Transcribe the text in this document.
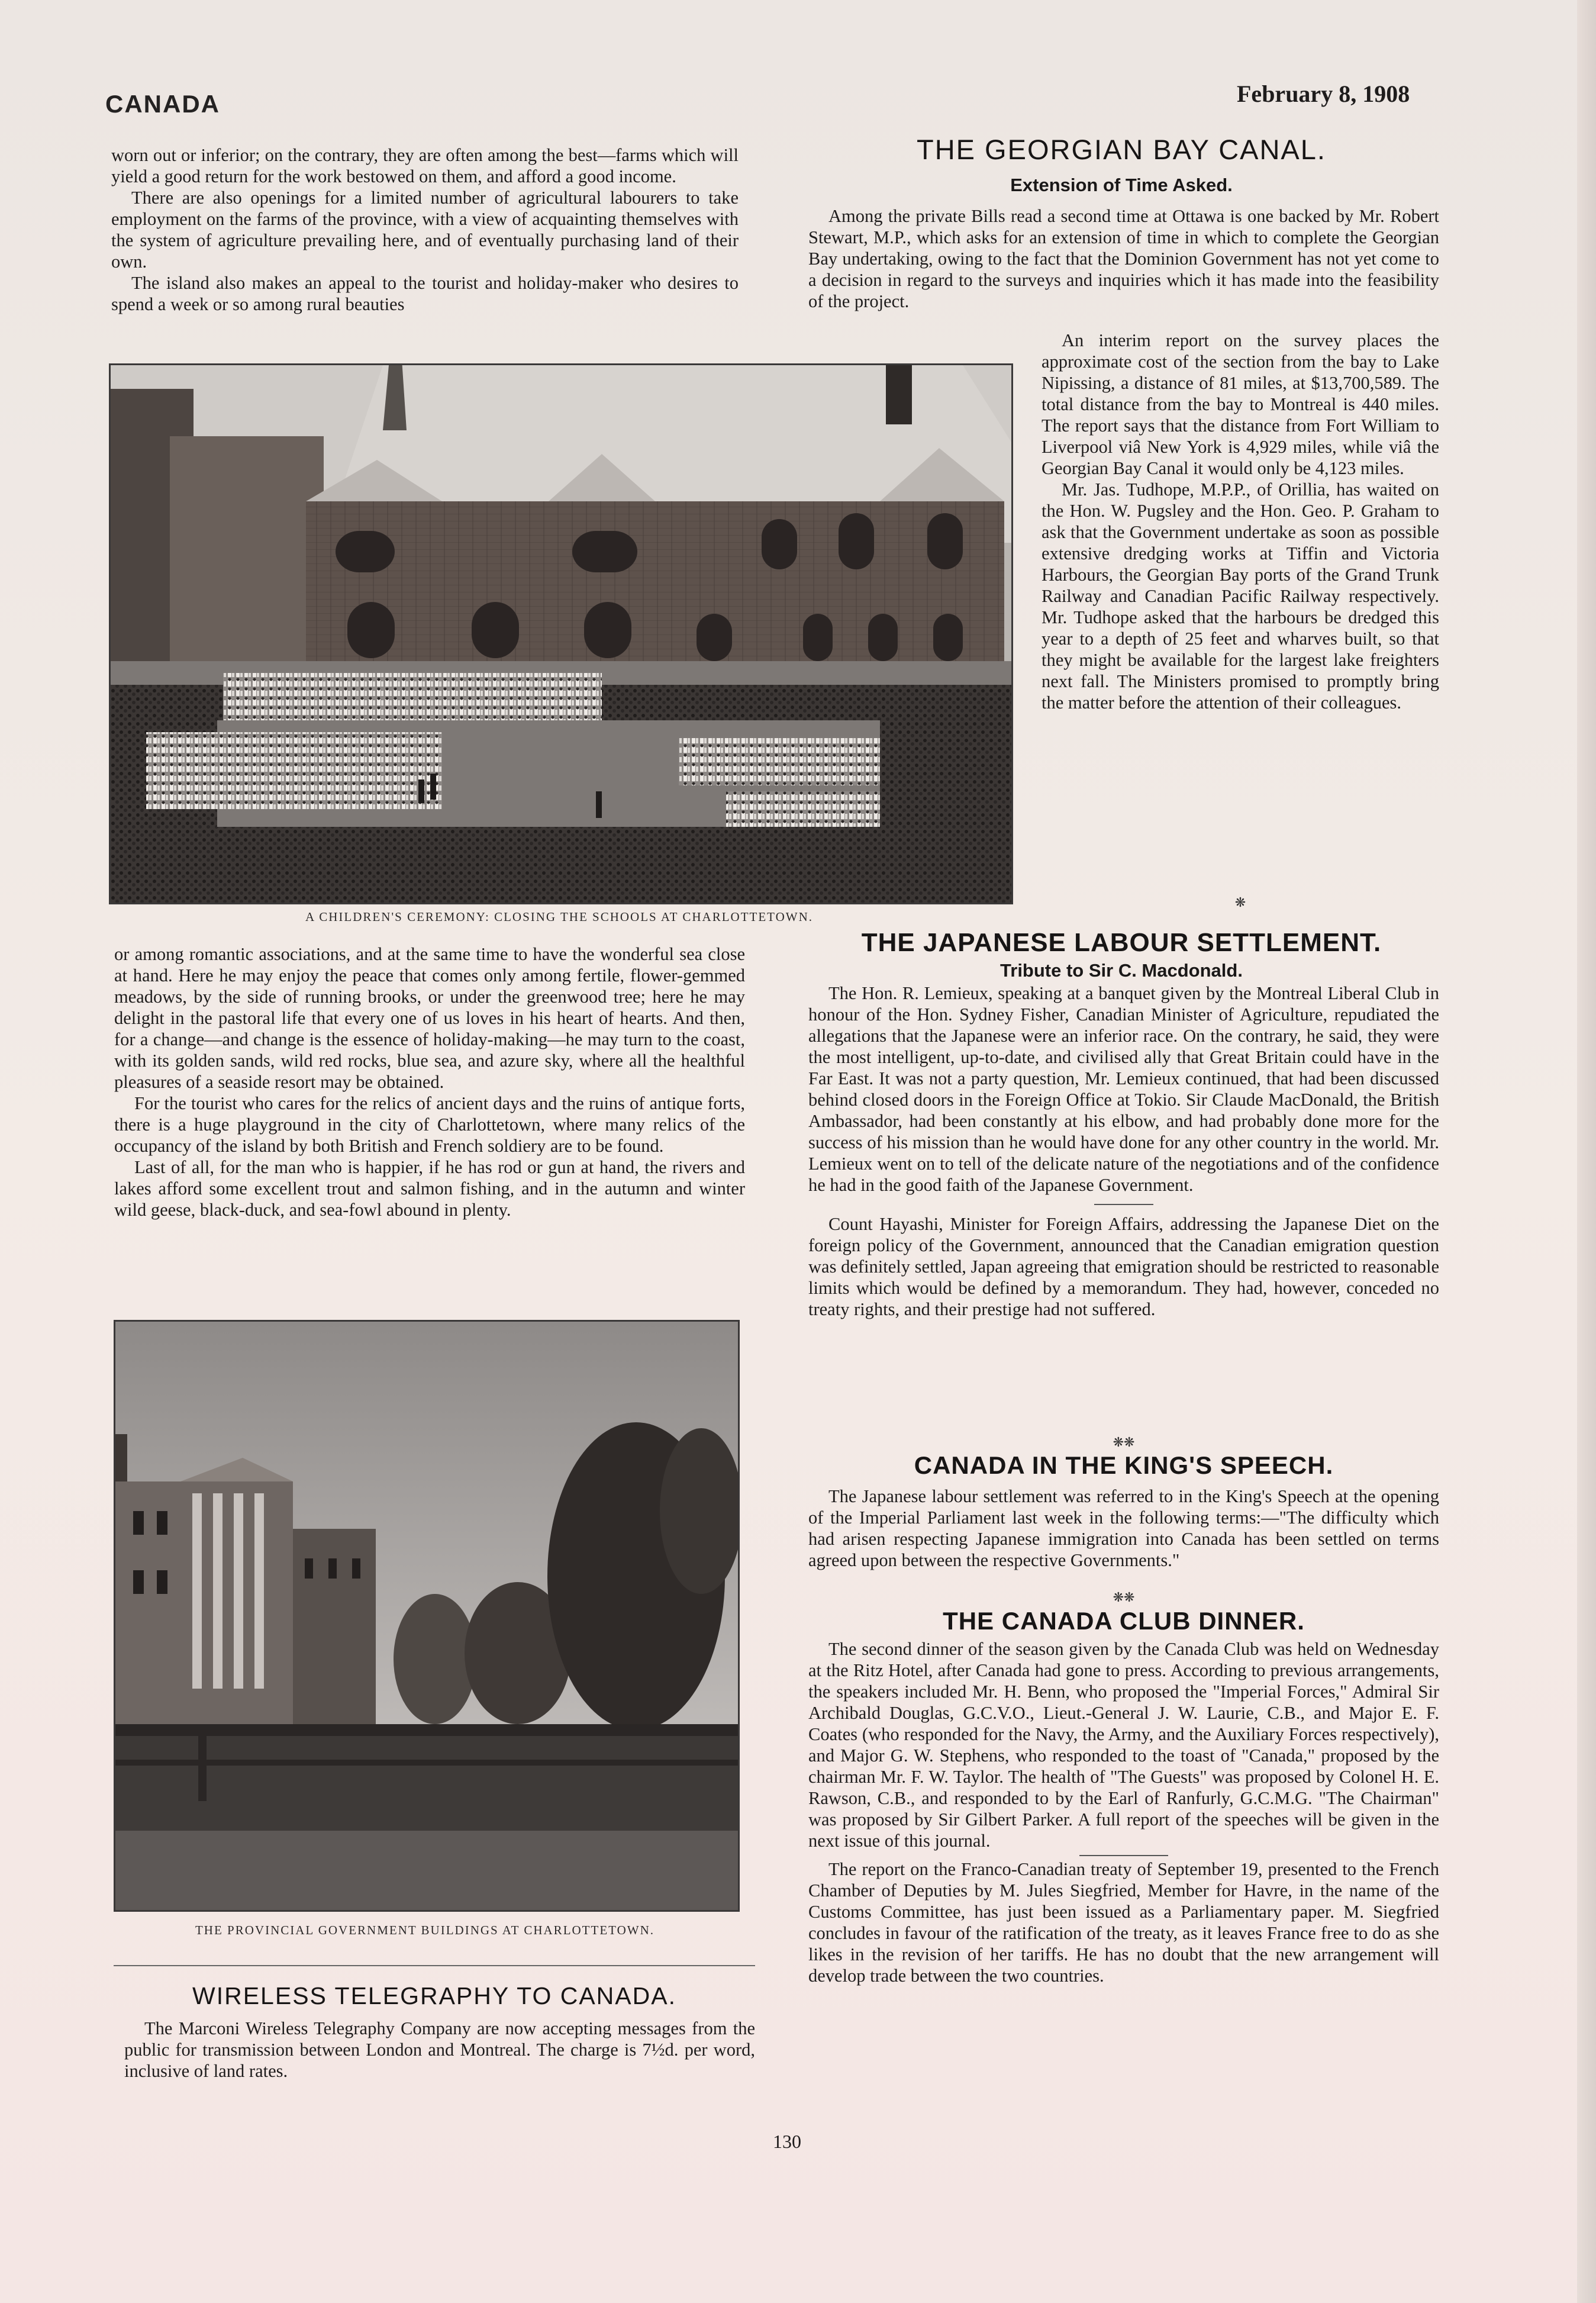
CANADA	February 8, 1908

worn out or inferior; on the contrary, they are often among the best—farms which will yield a good return for the work bestowed on them, and afford a good income.

There are also openings for a limited number of agricultural labourers to take employment on the farms of the province, with a view of acquainting themselves with the system of agriculture prevailing here, and of eventually purchasing land of their own.

The island also makes an appeal to the tourist and holiday-maker who desires to spend a week or so among rural beauties

A CHILDREN'S CEREMONY: CLOSING THE SCHOOLS AT CHARLOTTETOWN.

or among romantic associations, and at the same time to have the wonderful sea close at hand. Here he may enjoy the peace that comes only among fertile, flower-gemmed meadows, by the side of running brooks, or under the greenwood tree; here he may delight in the pastoral life that every one of us loves in his heart of hearts. And then, for a change—and change is the essence of holiday-making—he may turn to the coast, with its golden sands, wild red rocks, blue sea, and azure sky, where all the healthful pleasures of a seaside resort may be obtained.

For the tourist who cares for the relics of ancient days and the ruins of antique forts, there is a huge playground in the city of Charlottetown, where many relics of the occupancy of the island by both British and French soldiery are to be found.

Last of all, for the man who is happier, if he has rod or gun at hand, the rivers and lakes afford some excellent trout and salmon fishing, and in the autumn and winter wild geese, black-duck, and sea-fowl abound in plenty.

THE PROVINCIAL GOVERNMENT BUILDINGS AT CHARLOTTETOWN.
WIRELESS TELEGRAPHY TO CANADA.

The Marconi Wireless Telegraphy Company are now accepting messages from the public for transmission between London and Montreal. The charge is 7½d. per word, inclusive of land rates.

THE GEORGIAN BAY CANAL.
Extension of Time Asked.

Among the private Bills read a second time at Ottawa is one backed by Mr. Robert Stewart, M.P., which asks for an extension of time in which to complete the Georgian Bay undertaking, owing to the fact that the Dominion Government has not yet come to a decision in regard to the surveys and inquiries which it has made into the feasibility of the project.

An interim report on the survey places the approximate cost of the section from the bay to Lake Nipissing, a distance of 81 miles, at $13,700,589. The total distance from the bay to Montreal is 440 miles. The report says that the distance from Fort William to Liverpool viâ New York is 4,929 miles, while viâ the Georgian Bay Canal it would only be 4,123 miles.

Mr. Jas. Tudhope, M.P.P., of Orillia, has waited on the Hon. W. Pugsley and the Hon. Geo. P. Graham to ask that the Government undertake as soon as possible extensive dredging works at Tiffin and Victoria Harbours, the Georgian Bay ports of the Grand Trunk Railway and Canadian Pacific Railway respectively. Mr. Tudhope asked that the harbours be dredged this year to a depth of 25 feet and wharves built, so that they might be available for the largest lake freighters next fall. The Ministers promised to promptly bring the matter before the attention of their colleagues.

❋
THE JAPANESE LABOUR SETTLEMENT.
Tribute to Sir C. Macdonald.

The Hon. R. Lemieux, speaking at a banquet given by the Montreal Liberal Club in honour of the Hon. Sydney Fisher, Canadian Minister of Agriculture, repudiated the allegations that the Japanese were an inferior race. On the contrary, he said, they were the most intelligent, up-to-date, and civilised ally that Great Britain could have in the Far East. It was not a party question, Mr. Lemieux continued, that had been discussed behind closed doors in the Foreign Office at Tokio. Sir Claude MacDonald, the British Ambassador, had been constantly at his elbow, and had probably done more for the success of his mission than he would have done for any other country in the world. Mr. Lemieux went on to tell of the delicate nature of the negotiations and of the confidence he had in the good faith of the Japanese Government.

Count Hayashi, Minister for Foreign Affairs, addressing the Japanese Diet on the foreign policy of the Government, announced that the Canadian emigration question was definitely settled, Japan agreeing that emigration should be restricted to reasonable limits which would be defined by a memorandum. They had, however, conceded no treaty rights, and their prestige had not suffered.

❋❋
CANADA IN THE KING'S SPEECH.

The Japanese labour settlement was referred to in the King's Speech at the opening of the Imperial Parliament last week in the following terms:—"The difficulty which had arisen respecting Japanese immigration into Canada has been settled on terms agreed upon between the respective Governments."

❋❋
THE CANADA CLUB DINNER.

The second dinner of the season given by the Canada Club was held on Wednesday at the Ritz Hotel, after Canada had gone to press. According to previous arrangements, the speakers included Mr. H. Benn, who proposed the "Imperial Forces," Admiral Sir Archibald Douglas, G.C.V.O., Lieut.-General J. W. Laurie, C.B., and Major E. F. Coates (who responded for the Navy, the Army, and the Auxiliary Forces respectively), and Major G. W. Stephens, who responded to the toast of "Canada," proposed by the chairman Mr. F. W. Taylor. The health of "The Guests" was proposed by Colonel H. E. Rawson, C.B., and responded to by the Earl of Ranfurly, G.C.M.G. "The Chairman" was proposed by Sir Gilbert Parker. A full report of the speeches will be given in the next issue of this journal.

The report on the Franco-Canadian treaty of September 19, presented to the French Chamber of Deputies by M. Jules Siegfried, Member for Havre, in the name of the Customs Committee, has just been issued as a Parliamentary paper. M. Siegfried concludes in favour of the ratification of the treaty, as it leaves France free to do as she likes in the revision of her tariffs. He has no doubt that the new arrangement will develop trade between the two countries.

130
